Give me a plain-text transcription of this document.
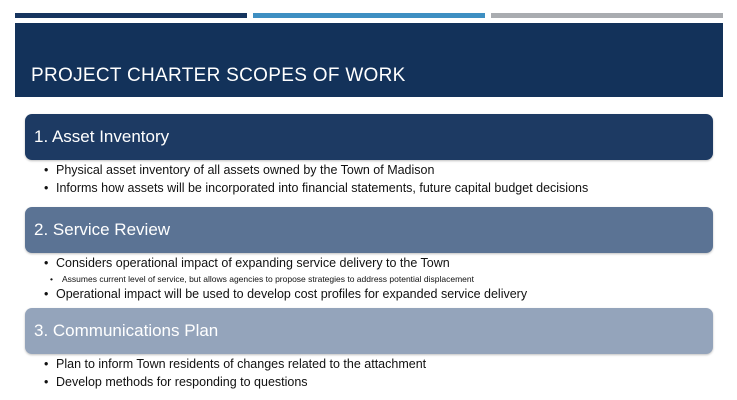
PROJECT CHARTER SCOPES OF WORK
1. Asset Inventory
• Physical asset inventory of all assets owned by the Town of Madison
• Informs how assets will be incorporated into financial statements, future capital budget decisions
2. Service Review
• Considers operational impact of expanding service delivery to the Town
• Assumes current level of service, but allows agencies to propose strategies to address potential displacement
• Operational impact will be used to develop cost profiles for expanded service delivery
3. Communications Plan
• Plan to inform Town residents of changes related to the attachment
• Develop methods for responding to questions
